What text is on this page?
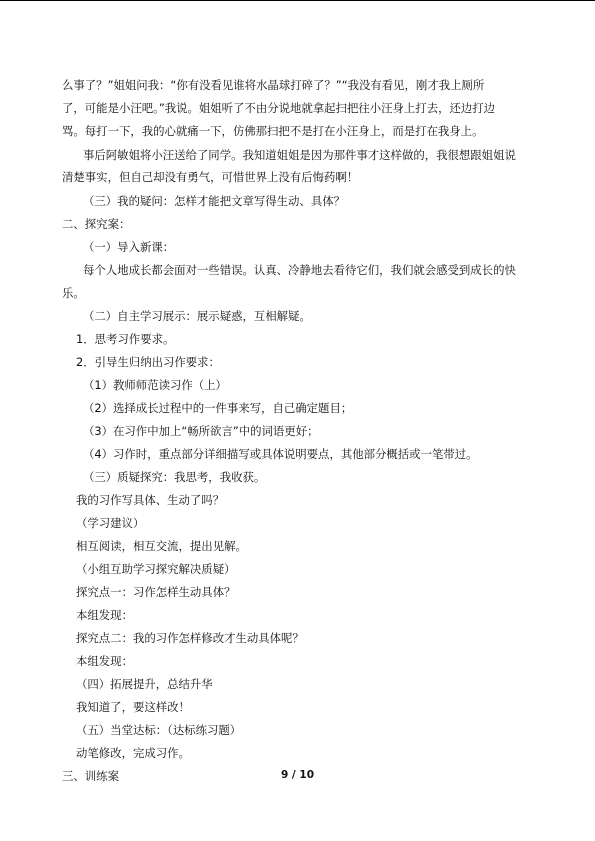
么事了？”姐姐问我：“你有没看见谁将水晶球打碎了？”“我没有看见，刚才我上厕所
了，可能是小汪吧。”我说。姐姐听了不由分说地就拿起扫把往小汪身上打去，还边打边
骂。每打一下，我的心就痛一下，仿佛那扫把不是打在小汪身上，而是打在我身上。
事后阿敏姐将小汪送给了同学。我知道姐姐是因为那件事才这样做的，我很想跟姐姐说
清楚事实，但自己却没有勇气，可惜世界上没有后悔药啊！
（三）我的疑问：怎样才能把文章写得生动、具体？
二、探究案：
（一）导入新课：
每个人地成长都会面对一些错误。认真、冷静地去看待它们，我们就会感受到成长的快
乐。
（二）自主学习展示：展示疑惑，互相解疑。
1．思考习作要求。
2．引导生归纳出习作要求：
（1）教师师范读习作（上）
（2）选择成长过程中的一件事来写，自己确定题目；
（3）在习作中加上“畅所欲言”中的词语更好；
（4）习作时，重点部分详细描写或具体说明要点，其他部分概括或一笔带过。
（三）质疑探究：我思考，我收获。
我的习作写具体、生动了吗？
（学习建议）
相互阅读，相互交流，提出见解。
（小组互助学习探究解决质疑）
探究点一：习作怎样生动具体？
本组发现：
探究点二：我的习作怎样修改才生动具体呢？
本组发现：
（四）拓展提升，总结升华
我知道了，要这样改！
（五）当堂达标：（达标练习题）
动笔修改，完成习作。
三、训练案	9 / 10
